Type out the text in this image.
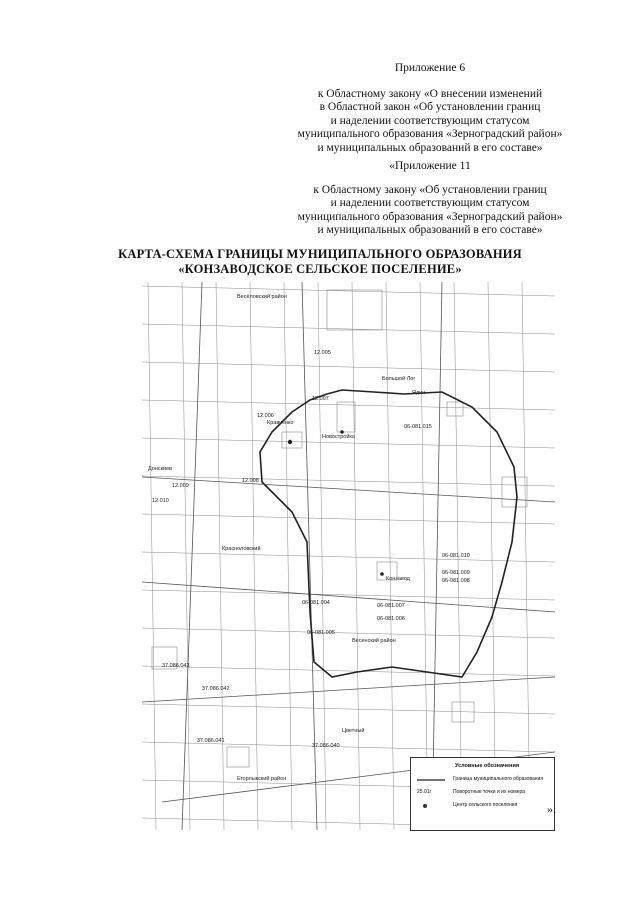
Приложение 6
к Областному закону «О внесении изменений
в Областной закон «Об установлении границ
и наделении соответствующим статусом
муниципального образования «Зерноградский район»
и муниципальных образований в его составе»
«Приложение 11
к Областному закону «Об установлении границ
и наделении соответствующим статусом
муниципального образования «Зерноградский район»
и муниципальных образований в его составе»
КАРТА-СХЕМА ГРАНИЦЫ МУНИЦИПАЛЬНОГО ОБРАЗОВАНИЯ
«КОНЗАВОДСКОЕ СЕЛЬСКОЕ ПОСЕЛЕНИЕ»
Весёловский район
Кравченко
Новостройка
Большой Лог
Донскиев
Красноловский
Ядин
Цветный
Конзавод
Весенский район
Егорлыкский район
12.005
12.006
12.007
12.008
12.009
12.010
06-081.015
06-081.010
06-081.009
06-081.008
06-081.007
06-081.006
06-081.005
06-081.004
37.086.043
37.086.042
37.086.041
37.086.040
Условные обозначения
Граница муниципального образования
25.01г	Поворотные точки и их номера
Центр сельского поселения ».
